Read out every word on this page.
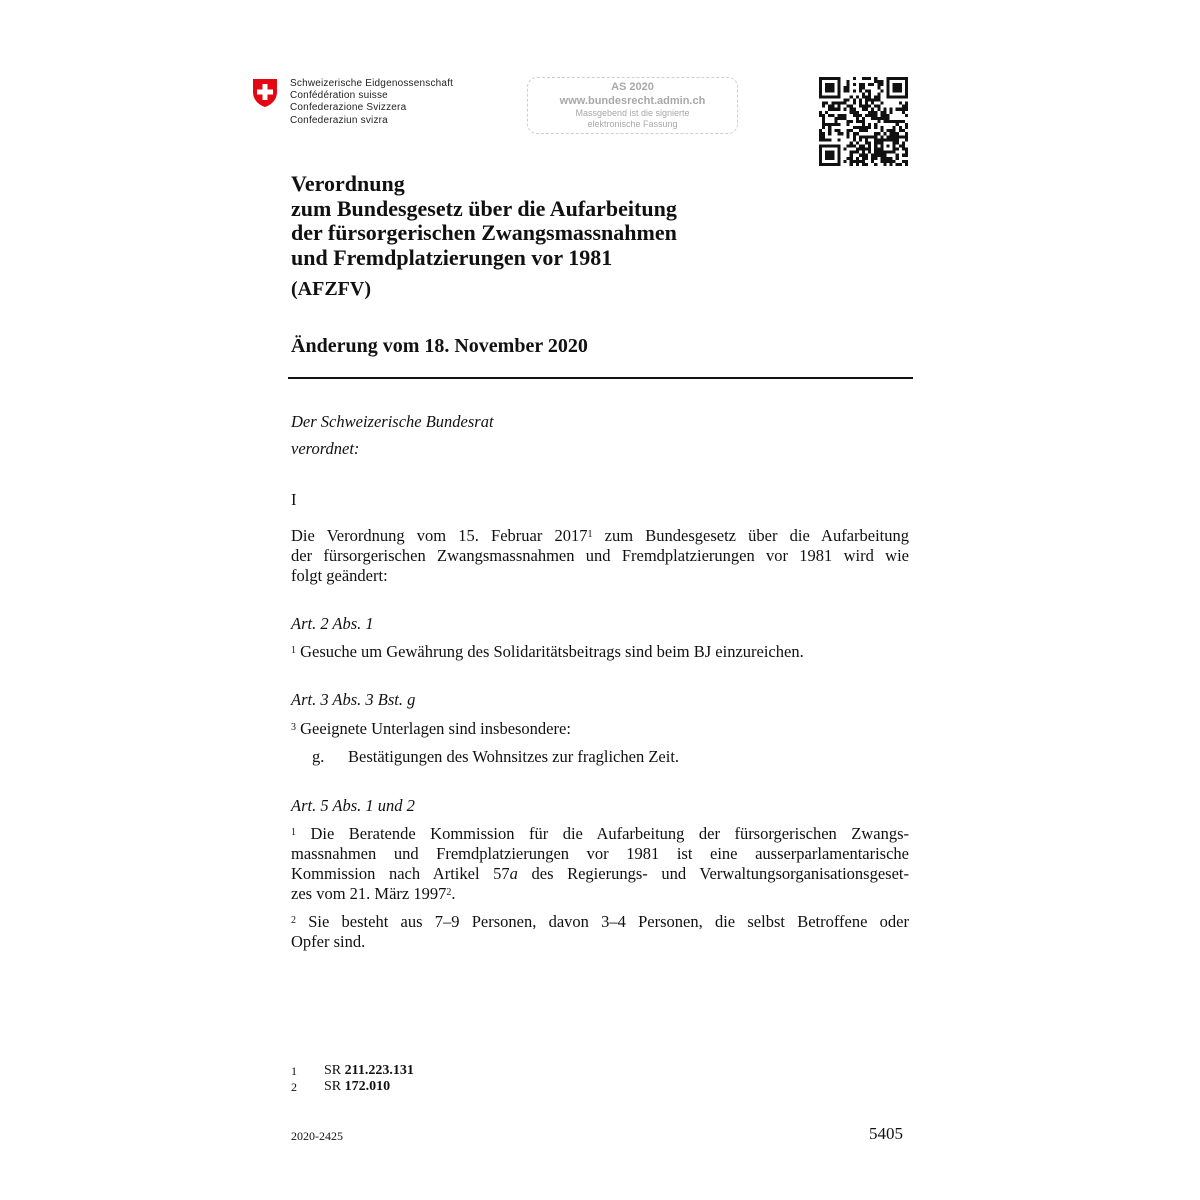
Schweizerische Eidgenossenschaft
Confédération suisse
Confederazione Svizzera
Confederaziun svizra
AS 2020
www.bundesrecht.admin.ch
Massgebend ist die signierte
elektronische Fassung
Verordnung
zum Bundesgesetz über die Aufarbeitung
der fürsorgerischen Zwangsmassnahmen
und Fremdplatzierungen vor 1981
(AFZFV)
Änderung vom 18. November 2020
Der Schweizerische Bundesrat
verordnet:
I
Die Verordnung vom 15. Februar 2017$^1$ zum Bundesgesetz über die Aufarbeitung
der fürsorgerischen Zwangsmassnahmen und Fremdplatzierungen vor 1981 wird wie
folgt geändert:
Art. 2 Abs. 1
$^1$ Gesuche um Gewährung des Solidaritätsbeitrags sind beim BJ einzureichen.
Art. 3 Abs. 3 Bst. g
$^3$ Geeignete Unterlagen sind insbesondere:
g. Bestätigungen des Wohnsitzes zur fraglichen Zeit.
Art. 5 Abs. 1 und 2
$^1$ Die Beratende Kommission für die Aufarbeitung der fürsorgerischen Zwangs-
massnahmen und Fremdplatzierungen vor 1981 ist eine ausserparlamentarische
Kommission nach Artikel 57a des Regierungs- und Verwaltungsorganisationsgeset-
zes vom 21. März 1997$^2$.
$^2$ Sie besteht aus 7–9 Personen, davon 3–4 Personen, die selbst Betroffene oder
Opfer sind.
1 SR 211.223.131
2 SR 172.010
2020-2425	5405
